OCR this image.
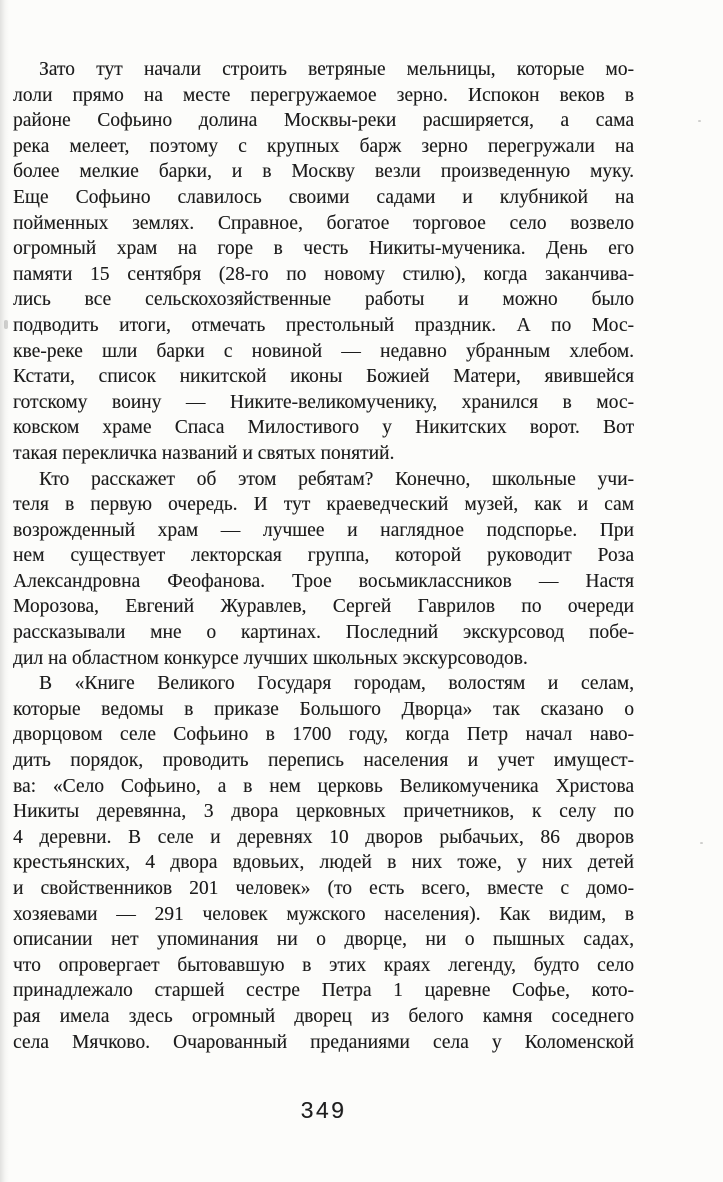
Зато тут начали строить ветряные мельницы, которые мо-
лоли прямо на месте перегружаемое зерно. Испокон веков в
районе Софьино долина Москвы-реки расширяется, а сама
река мелеет, поэтому с крупных барж зерно перегружали на
более мелкие барки, и в Москву везли произведенную муку.
Еще Софьино славилось своими садами и клубникой на
пойменных землях. Справное, богатое торговое село возвело
огромный храм на горе в честь Никиты-мученика. День его
памяти 15 сентября (28-го по новому стилю), когда заканчива-
лись все сельскохозяйственные работы и можно было
подводить итоги, отмечать престольный праздник. А по Мос-
кве-реке шли барки с новиной — недавно убранным хлебом.
Кстати, список никитской иконы Божией Матери, явившейся
готскому воину — Никите-великомученику, хранился в мос-
ковском храме Спаса Милостивого у Никитских ворот. Вот
такая перекличка названий и святых понятий.
Кто расскажет об этом ребятам? Конечно, школьные учи-
теля в первую очередь. И тут краеведческий музей, как и сам
возрожденный храм — лучшее и наглядное подспорье. При
нем существует лекторская группа, которой руководит Роза
Александровна Феофанова. Трое восьмиклассников — Настя
Морозова, Евгений Журавлев, Сергей Гаврилов по очереди
рассказывали мне о картинах. Последний экскурсовод побе-
дил на областном конкурсе лучших школьных экскурсоводов.
В «Книге Великого Государя городам, волостям и селам,
которые ведомы в приказе Большого Дворца» так сказано о
дворцовом селе Софьино в 1700 году, когда Петр начал наво-
дить порядок, проводить перепись населения и учет имущест-
ва: «Село Софьино, а в нем церковь Великомученика Христова
Никиты деревянна, 3 двора церковных причетников, к селу по
4 деревни. В селе и деревнях 10 дворов рыбачьих, 86 дворов
крестьянских, 4 двора вдовьих, людей в них тоже, у них детей
и свойственников 201 человек» (то есть всего, вместе с домо-
хозяевами — 291 человек мужского населения). Как видим, в
описании нет упоминания ни о дворце, ни о пышных садах,
что опровергает бытовавшую в этих краях легенду, будто село
принадлежало старшей сестре Петра 1 царевне Софье, кото-
рая имела здесь огромный дворец из белого камня соседнего
села Мячково. Очарованный преданиями села у Коломенской
349
